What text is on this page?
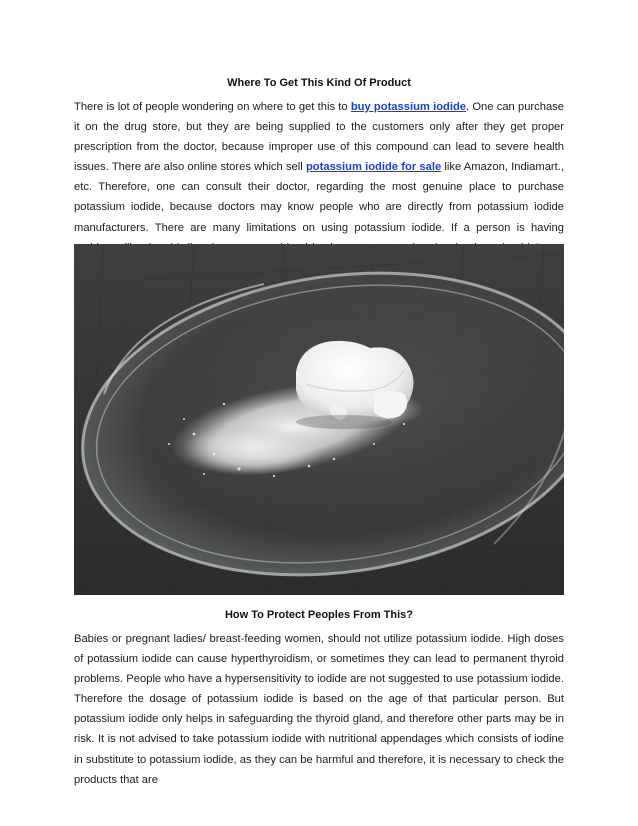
Where To Get This Kind Of Product

There is lot of people wondering on where to get this to buy potassium iodide. One can purchase it on the drug store, but they are being supplied to the customers only after they get proper prescription from the doctor, because improper use of this compound can lead to severe health issues. There are also online stores which sell potassium iodide for sale like Amazon, Indiamart., etc. Therefore, one can consult their doctor, regarding the most genuine place to purchase potassium iodide, because doctors may know people who are directly from potassium iodide manufacturers. There are many limitations on using potassium iodide. If a person is having

How To Protect Peoples From This?

Babies or pregnant ladies/ breast-feeding women, should not utilize potassium iodide. High doses of potassium iodide can cause hyperthyroidism, or sometimes they can lead to permanent thyroid problems. People who have a hypersensitivity to iodide are not suggested to use potassium iodide. Therefore the dosage of potassium iodide is based on the age of that particular person. But potassium iodide only helps in safeguarding the thyroid gland, and therefore other parts may be in risk. It is not advised to take potassium iodide with nutritional appendages which consists of iodine in substitute to potassium iodide, as they can be harmful and therefore, it is necessary to check the products that are
